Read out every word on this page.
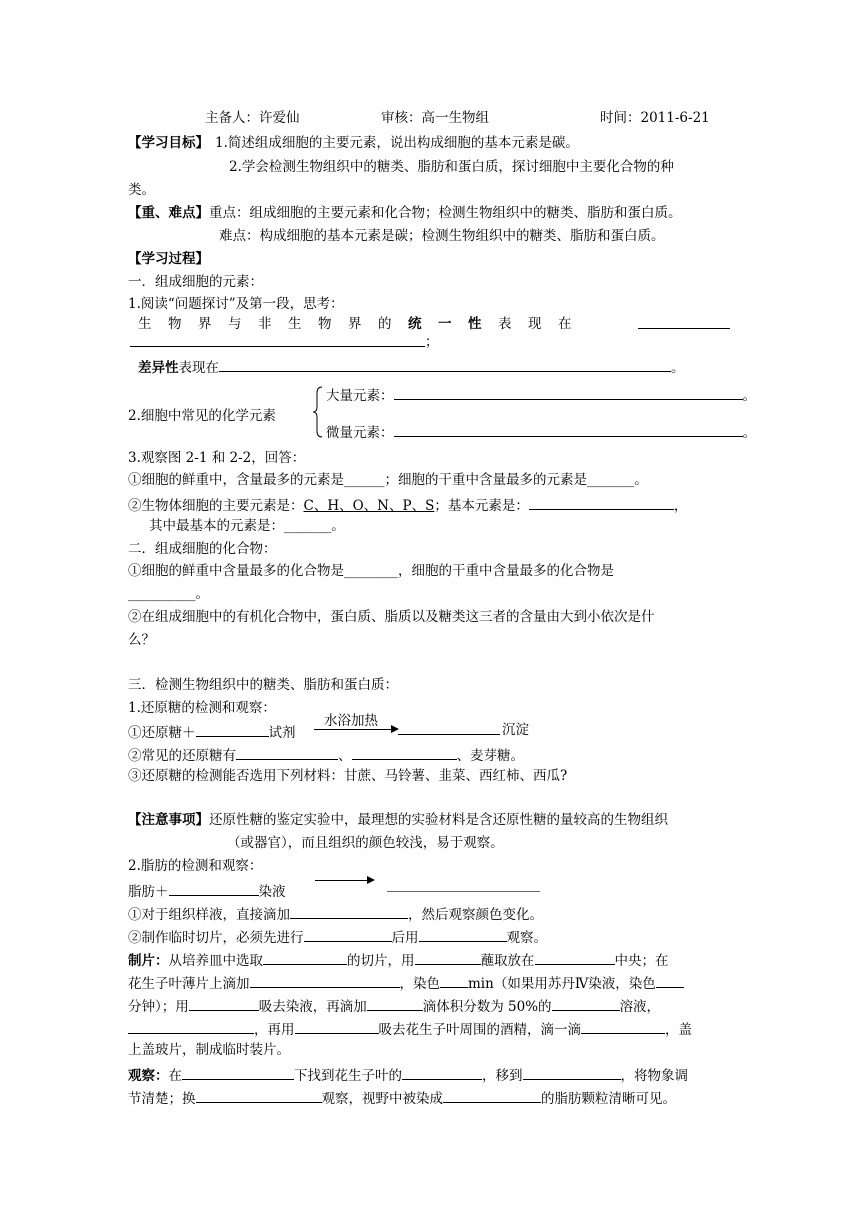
主备人：许爱仙	审核：高一生物组	时间：2011-6-21
【学习目标】 1.简述组成细胞的主要元素，说出构成细胞的基本元素是碳。
2.学会检测生物组织中的糖类、脂肪和蛋白质，探讨细胞中主要化合物的种
类。
【重、难点】重点：组成细胞的主要元素和化合物；检测生物组织中的糖类、脂肪和蛋白质。
难点：构成细胞的基本元素是碳；检测生物组织中的糖类、脂肪和蛋白质。
【学习过程】
一．组成细胞的元素：
1.阅读“问题探讨”及第一段，思考：
生 物 界 与 非 生 物 界 的 统 一 性 表 现 在
；
差异性表现在	。
2.细胞中常见的化学元素
大量元素：	。
微量元素：	。
3.观察图 2-1 和 2-2，回答：
①细胞的鲜重中，含量最多的元素是______；细胞的干重中含量最多的元素是_______。
②生物体细胞的主要元素是：C、H、O、N、P、S；基本元素是：	，
其中最基本的元素是：_______。
二．组成细胞的化合物：
①细胞的鲜重中含量最多的化合物是________，细胞的干重中含量最多的化合物是
__________。
②在组成细胞中的有机化合物中，蛋白质、脂质以及糖类这三者的含量由大到小依次是什
么？
三．检测生物组织中的糖类、脂肪和蛋白质：
1.还原糖的检测和观察：
①还原糖＋	试剂
水浴加热
沉淀
②常见的还原糖有	、	、麦芽糖。
③还原糖的检测能否选用下列材料：甘蔗、马铃薯、韭菜、西红柿、西瓜?
【注意事项】还原性糖的鉴定实验中，最理想的实验材料是含还原性糖的量较高的生物组织
（或器官），而且组织的颜色较浅，易于观察。
2.脂肪的检测和观察：
脂肪＋	染液
①对于组织样液，直接滴加	，然后观察颜色变化。
②制作临时切片，必须先进行	后用	观察。
制片：从培养皿中选取	的切片，用	蘸取放在	中央；在
花生子叶薄片上滴加	，染色 min（如果用苏丹Ⅳ染液，染色
分钟）；用	吸去染液，再滴加	滴体积分数为 50%的	溶液，
，再用	吸去花生子叶周围的酒精，滴一滴	，盖
上盖玻片，制成临时装片。
观察：在	下找到花生子叶的	，移到	，将物象调
节清楚；换	观察，视野中被染成	的脂肪颗粒清晰可见。
